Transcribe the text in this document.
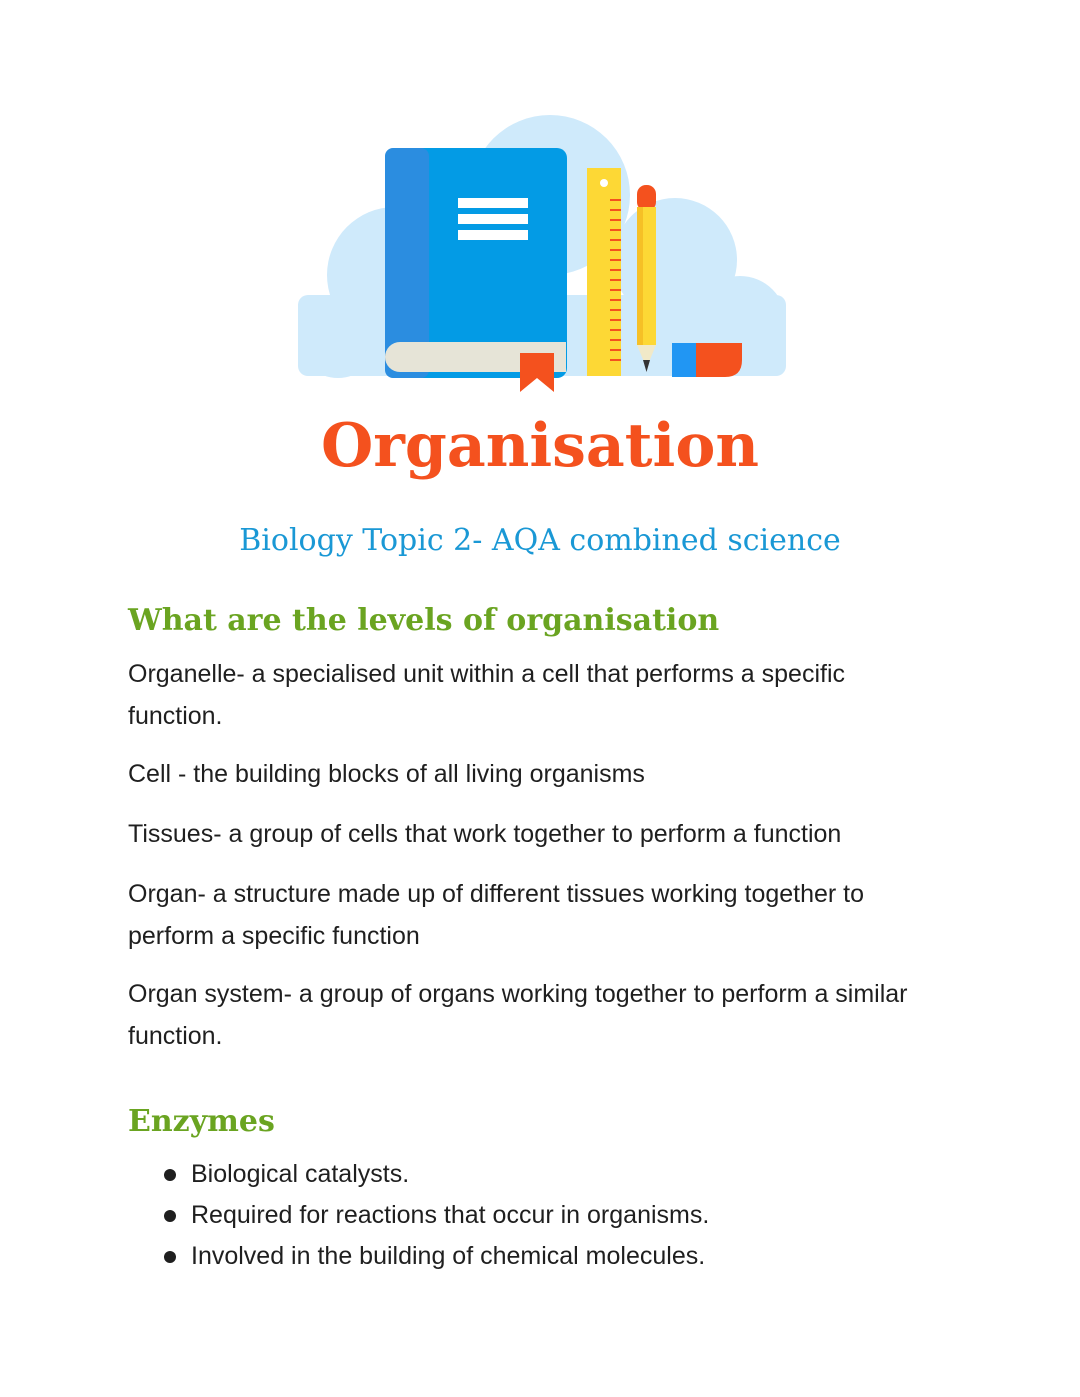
Organisation
Biology Topic 2- AQA combined science
What are the levels of organisation

Organelle- a specialised unit within a cell that performs a specific function.

Cell - the building blocks of all living organisms

Tissues- a group of cells that work together to perform a function

Organ- a structure made up of different tissues working together to perform a specific function

Organ system- a group of organs working together to perform a similar function.

Enzymes
Biological catalysts.
Required for reactions that occur in organisms.
Involved in the building of chemical molecules.
